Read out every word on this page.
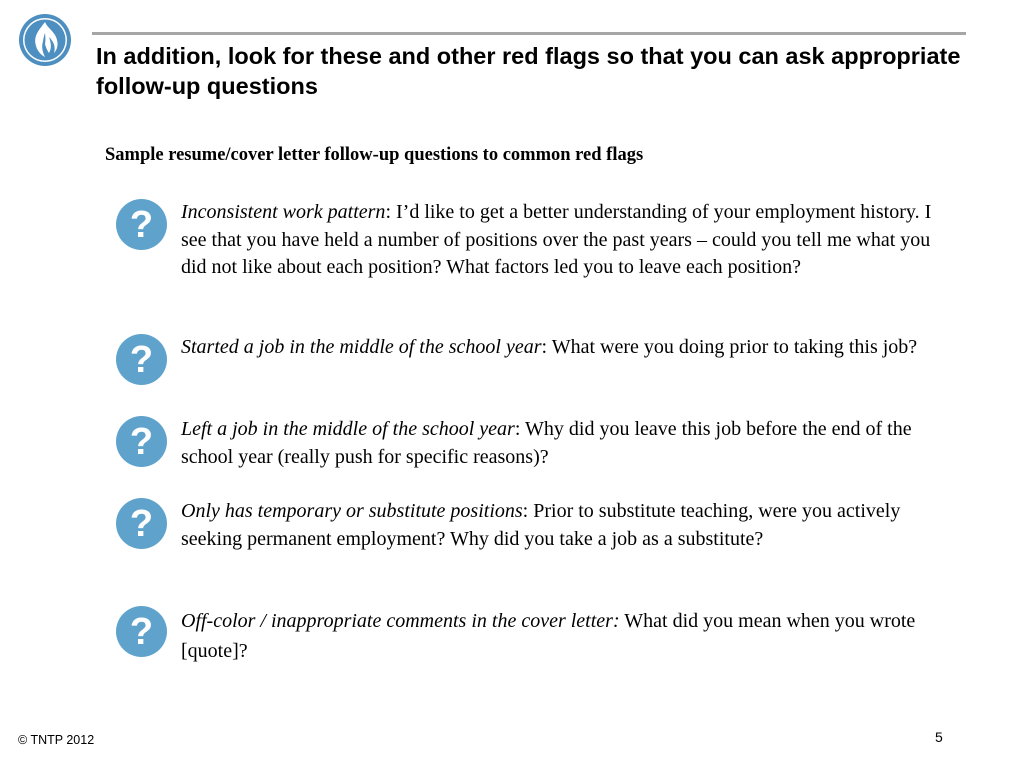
In addition, look for these and other red flags so that you can ask appropriate follow-up questions
Sample resume/cover letter follow-up questions to common red flags
? Inconsistent work pattern: I’d like to get a better understanding of your employment history. I see that you have held a number of positions over the past years – could you tell me what you did not like about each position? What factors led you to leave each position?
? Started a job in the middle of the school year: What were you doing prior to taking this job?
? Left a job in the middle of the school year: Why did you leave this job before the end of the school year (really push for specific reasons)?
? Only has temporary or substitute positions: Prior to substitute teaching, were you actively seeking permanent employment? Why did you take a job as a substitute?
? Off-color / inappropriate comments in the cover letter: What did you mean when you wrote [quote]?
© TNTP 2012	5
